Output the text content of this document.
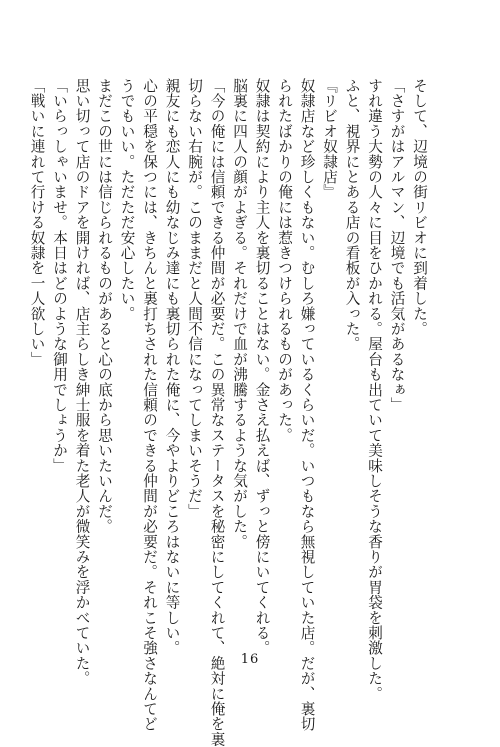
そして、辺境の街リビオに到着した。
「さすがはアルマン、辺境でも活気があるなぁ」
すれ違う大勢の人々に目をひかれる。屋台も出ていて美味しそうな香りが胃袋を刺激した。
ふと、視界にとある店の看板が入った。
『リビオ奴隷店』
奴隷店など珍しくもない。むしろ嫌っているくらいだ。いつもなら無視していた店。だが、裏切
られたばかりの俺には惹きつけられるものがあった。
奴隷は契約により主人を裏切ることはない。金さえ払えば、ずっと傍にいてくれる。
脳裏に四人の顔がよぎる。それだけで血が沸騰するような気がした。
「今の俺には信頼できる仲間が必要だ。この異常なステータスを秘密にしてくれて、絶対に俺を裏
切らない右腕が。このままだと人間不信になってしまいそうだ」
親友にも恋人にも幼なじみ達にも裏切られた俺に、今やよりどころはないに等しい。
心の平穏を保つには、きちんと裏打ちされた信頼のできる仲間が必要だ。それこそ強さなんてど
うでもいい。ただただ安心したい。
まだこの世には信じられるものがあると心の底から思いたいんだ。
思い切って店のドアを開ければ、店主らしき紳士服を着た老人が微笑みを浮かべていた。
「いらっしゃいませ。本日はどのような御用でしょうか」
「戦いに連れて行ける奴隷を一人欲しい」
16
